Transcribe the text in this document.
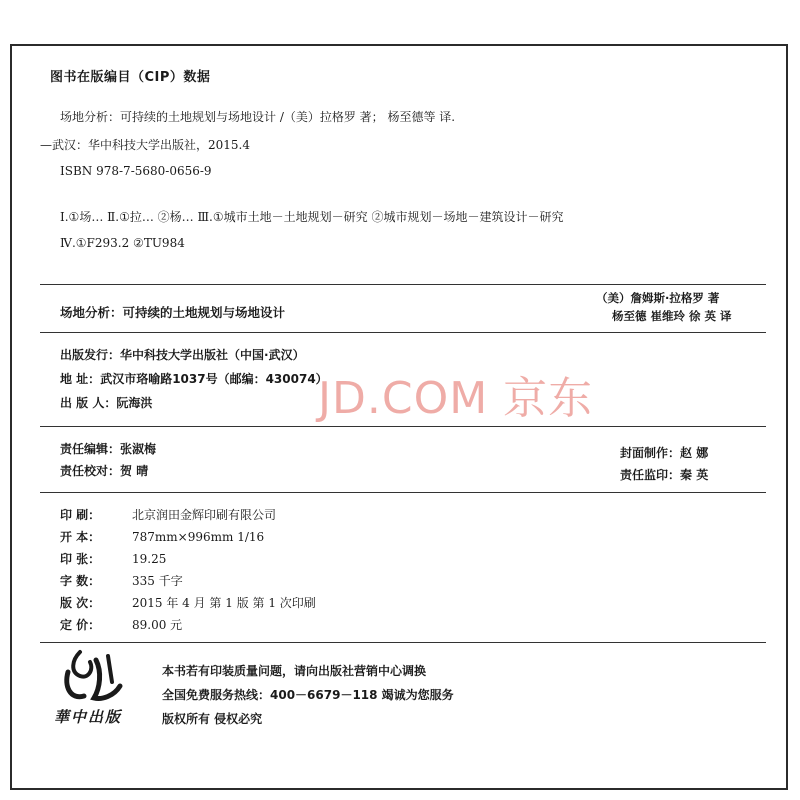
图书在版编目（CIP）数据
场地分析：可持续的土地规划与场地设计 /（美）拉格罗 著； 杨至德等 译.
—武汉：华中科技大学出版社，2015.4
ISBN 978-7-5680-0656-9
Ⅰ.①场… Ⅱ.①拉… ②杨… Ⅲ.①城市土地－土地规划－研究 ②城市规划－场地－建筑设计－研究
Ⅳ.①F293.2 ②TU984
场地分析：可持续的土地规划与场地设计
（美）詹姆斯·拉格罗 著
杨至德 崔维玲 徐 英 译
出版发行：华中科技大学出版社（中国·武汉）
地 址：武汉市珞喻路1037号（邮编：430074）
出 版 人：阮海洪	JD.COM 京东
责任编辑：张淑梅
责任校对：贺 晴
封面制作：赵 娜
责任监印：秦 英
印 刷：	北京润田金辉印刷有限公司
开 本：	787mm×996mm 1/16
印 张：	19.25
字 数：	335 千字
版 次：	2015 年 4 月 第 1 版 第 1 次印刷
定 价：	89.00 元
華中出版
本书若有印装质量问题，请向出版社营销中心调换
全国免费服务热线：400－6679－118 竭诚为您服务
版权所有 侵权必究
